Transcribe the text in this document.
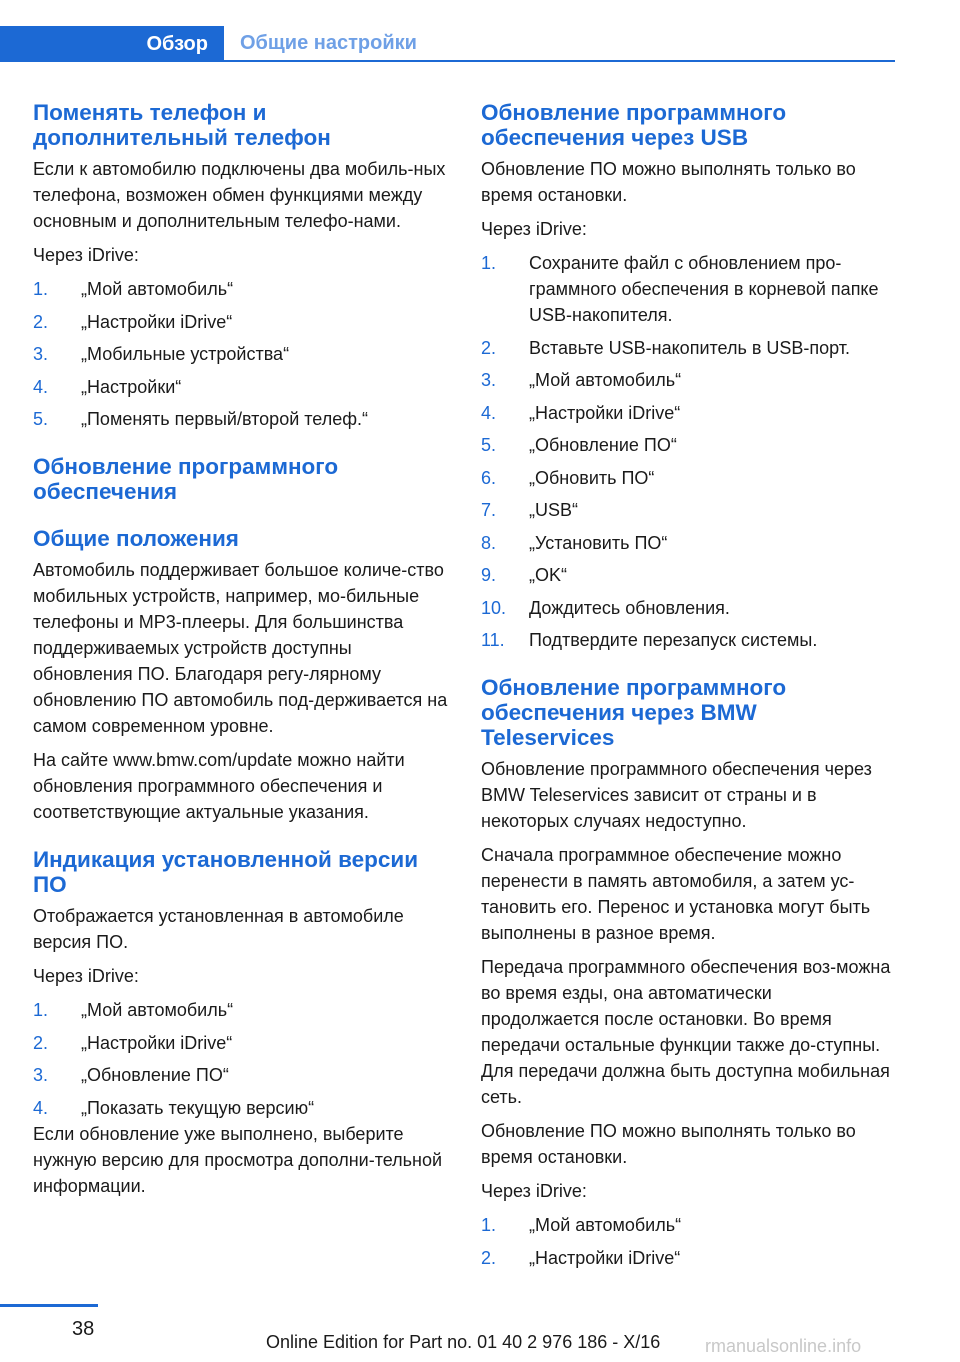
Обзор	Общие настройки
Поменять телефон и дополнительный телефон

Если к автомобилю подключены два мобиль-ных телефона, возможен обмен функциями между основным и дополнительным телефо-нами.

Через iDrive:

1. „Мой автомобиль“
2. „Настройки iDrive“
3. „Мобильные устройства“
4. „Настройки“
5. „Поменять первый/второй телеф.“
Обновление программного обеспечения
Общие положения

Автомобиль поддерживает большое количе-ство мобильных устройств, например, мо-бильные телефоны и MP3-плееры. Для большинства поддерживаемых устройств доступны обновления ПО. Благодаря регу-лярному обновлению ПО автомобиль под-держивается на самом современном уровне.

На сайте www.bmw.com/update можно найти обновления программного обеспечения и соответствующие актуальные указания.

Индикация установленной версии ПО

Отображается установленная в автомобиле версия ПО.

Через iDrive:

1. „Мой автомобиль“
2. „Настройки iDrive“
3. „Обновление ПО“
4. „Показать текущую версию“

Если обновление уже выполнено, выберите нужную версию для просмотра дополни-тельной информации.

Обновление программного обеспечения через USB

Обновление ПО можно выполнять только во время остановки.

Через iDrive:

1. Сохраните файл с обновлением про-граммного обеспечения в корневой папке USB-накопителя.
2. Вставьте USB-накопитель в USB-порт.
3. „Мой автомобиль“
4. „Настройки iDrive“
5. „Обновление ПО“
6. „Обновить ПО“
7. „USB“
8. „Установить ПО“
9. „OK“
10. Дождитесь обновления.
11. Подтвердите перезапуск системы.
Обновление программного обеспечения через BMW Teleservices

Обновление программного обеспечения через BMW Teleservices зависит от страны и в некоторых случаях недоступно.

Сначала программное обеспечение можно перенести в память автомобиля, а затем ус-тановить его. Перенос и установка могут быть выполнены в разное время.

Передача программного обеспечения воз-можна во время езды, она автоматически продолжается после остановки. Во время передачи остальные функции также до-ступны. Для передачи должна быть доступна мобильная сеть.

Обновление ПО можно выполнять только во время остановки.

Через iDrive:

1. „Мой автомобиль“
2. „Настройки iDrive“
38
Online Edition for Part no. 01 40 2 976 186 - X/16 rmanualsonline.info
